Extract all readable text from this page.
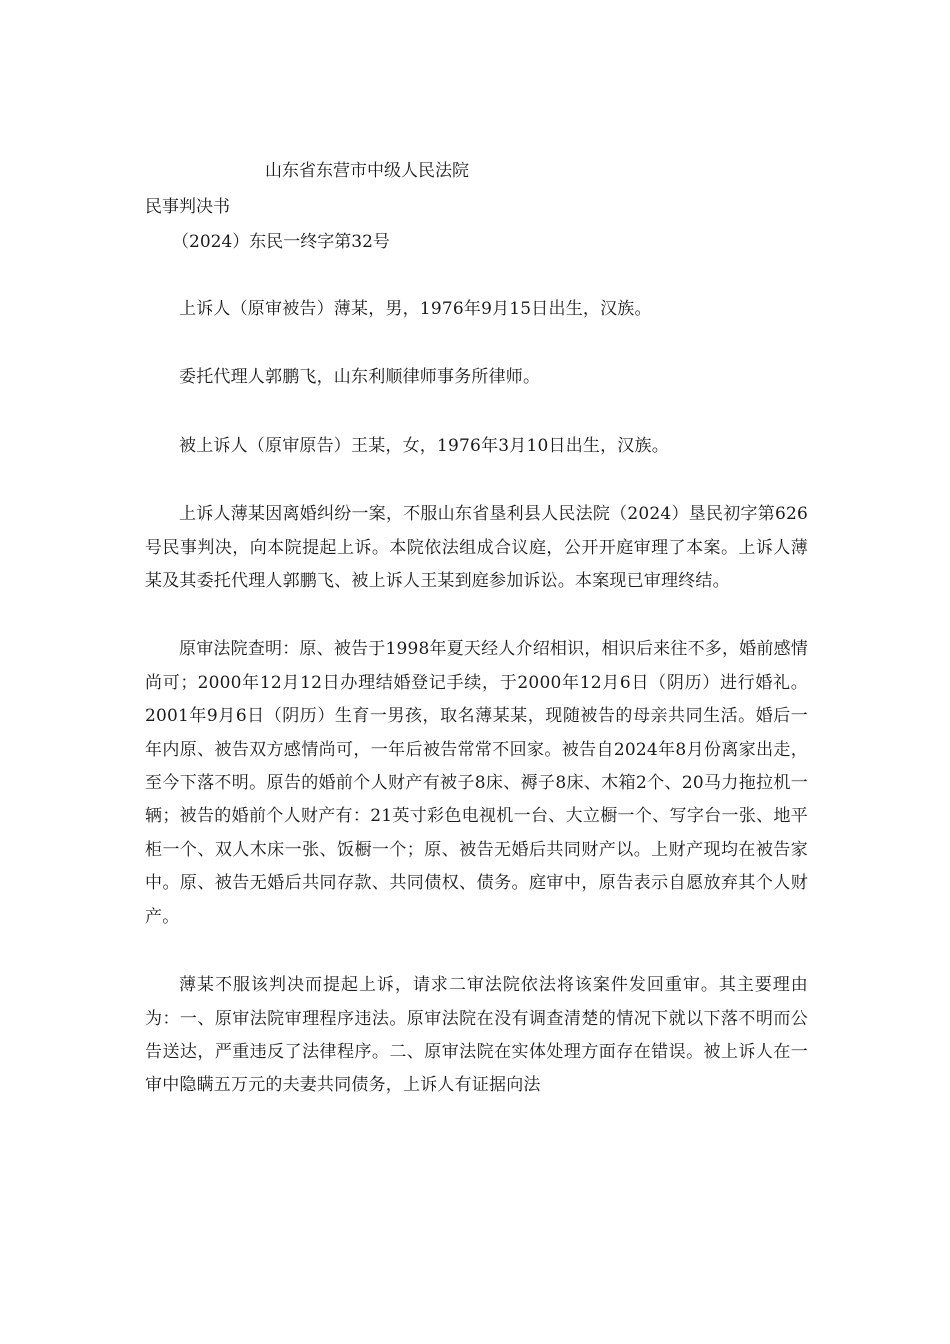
山东省东营市中级人民法院
民事判决书
（2024）东民一终字第32号

上诉人（原审被告）薄某，男，1976年9月15日出生，汉族。

委托代理人郭鹏飞，山东利顺律师事务所律师。

被上诉人（原审原告）王某，女，1976年3月10日出生，汉族。

上诉人薄某因离婚纠纷一案，不服山东省垦利县人民法院（2024）垦民初字第626号民事判决，向本院提起上诉。本院依法组成合议庭，公开开庭审理了本案。上诉人薄某及其委托代理人郭鹏飞、被上诉人王某到庭参加诉讼。本案现已审理终结。

原审法院查明：原、被告于1998年夏天经人介绍相识，相识后来往不多，婚前感情尚可；2000年12月12日办理结婚登记手续，于2000年12月6日（阴历）进行婚礼。2001年9月6日（阴历）生育一男孩，取名薄某某，现随被告的母亲共同生活。婚后一年内原、被告双方感情尚可，一年后被告常常不回家。被告自2024年8月份离家出走，至今下落不明。原告的婚前个人财产有被子8床、褥子8床、木箱2个、20马力拖拉机一辆；被告的婚前个人财产有：21英寸彩色电视机一台、大立橱一个、写字台一张、地平柜一个、双人木床一张、饭橱一个；原、被告无婚后共同财产以。上财产现均在被告家中。原、被告无婚后共同存款、共同债权、债务。庭审中，原告表示自愿放弃其个人财产。

薄某不服该判决而提起上诉，请求二审法院依法将该案件发回重审。其主要理由为：一、原审法院审理程序违法。原审法院在没有调查清楚的情况下就以下落不明而公告送达，严重违反了法律程序。二、原审法院在实体处理方面存在错误。被上诉人在一审中隐瞒五万元的夫妻共同债务，上诉人有证据向法
